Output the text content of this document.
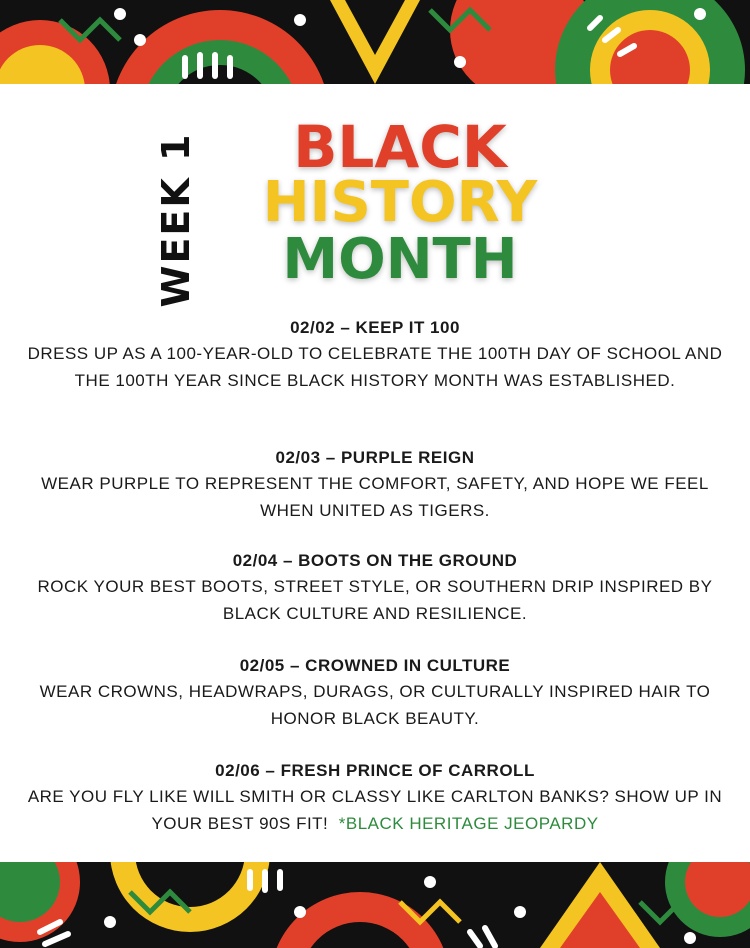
WEEK 1	BLACK
HISTORY
MONTH
02/02 – KEEP IT 100
DRESS UP AS A 100-YEAR-OLD TO CELEBRATE THE 100TH DAY OF SCHOOL AND THE 100TH YEAR SINCE BLACK HISTORY MONTH WAS ESTABLISHED.
02/03 – PURPLE REIGN
WEAR PURPLE TO REPRESENT THE COMFORT, SAFETY, AND HOPE WE FEEL WHEN UNITED AS TIGERS.
02/04 – BOOTS ON THE GROUND
ROCK YOUR BEST BOOTS, STREET STYLE, OR SOUTHERN DRIP INSPIRED BY BLACK CULTURE AND RESILIENCE.
02/05 – CROWNED IN CULTURE
WEAR CROWNS, HEADWRAPS, DURAGS, OR CULTURALLY INSPIRED HAIR TO HONOR BLACK BEAUTY.
02/06 – FRESH PRINCE OF CARROLL
ARE YOU FLY LIKE WILL SMITH OR CLASSY LIKE CARLTON BANKS? SHOW UP IN YOUR BEST 90S FIT! *BLACK HERITAGE JEOPARDY
